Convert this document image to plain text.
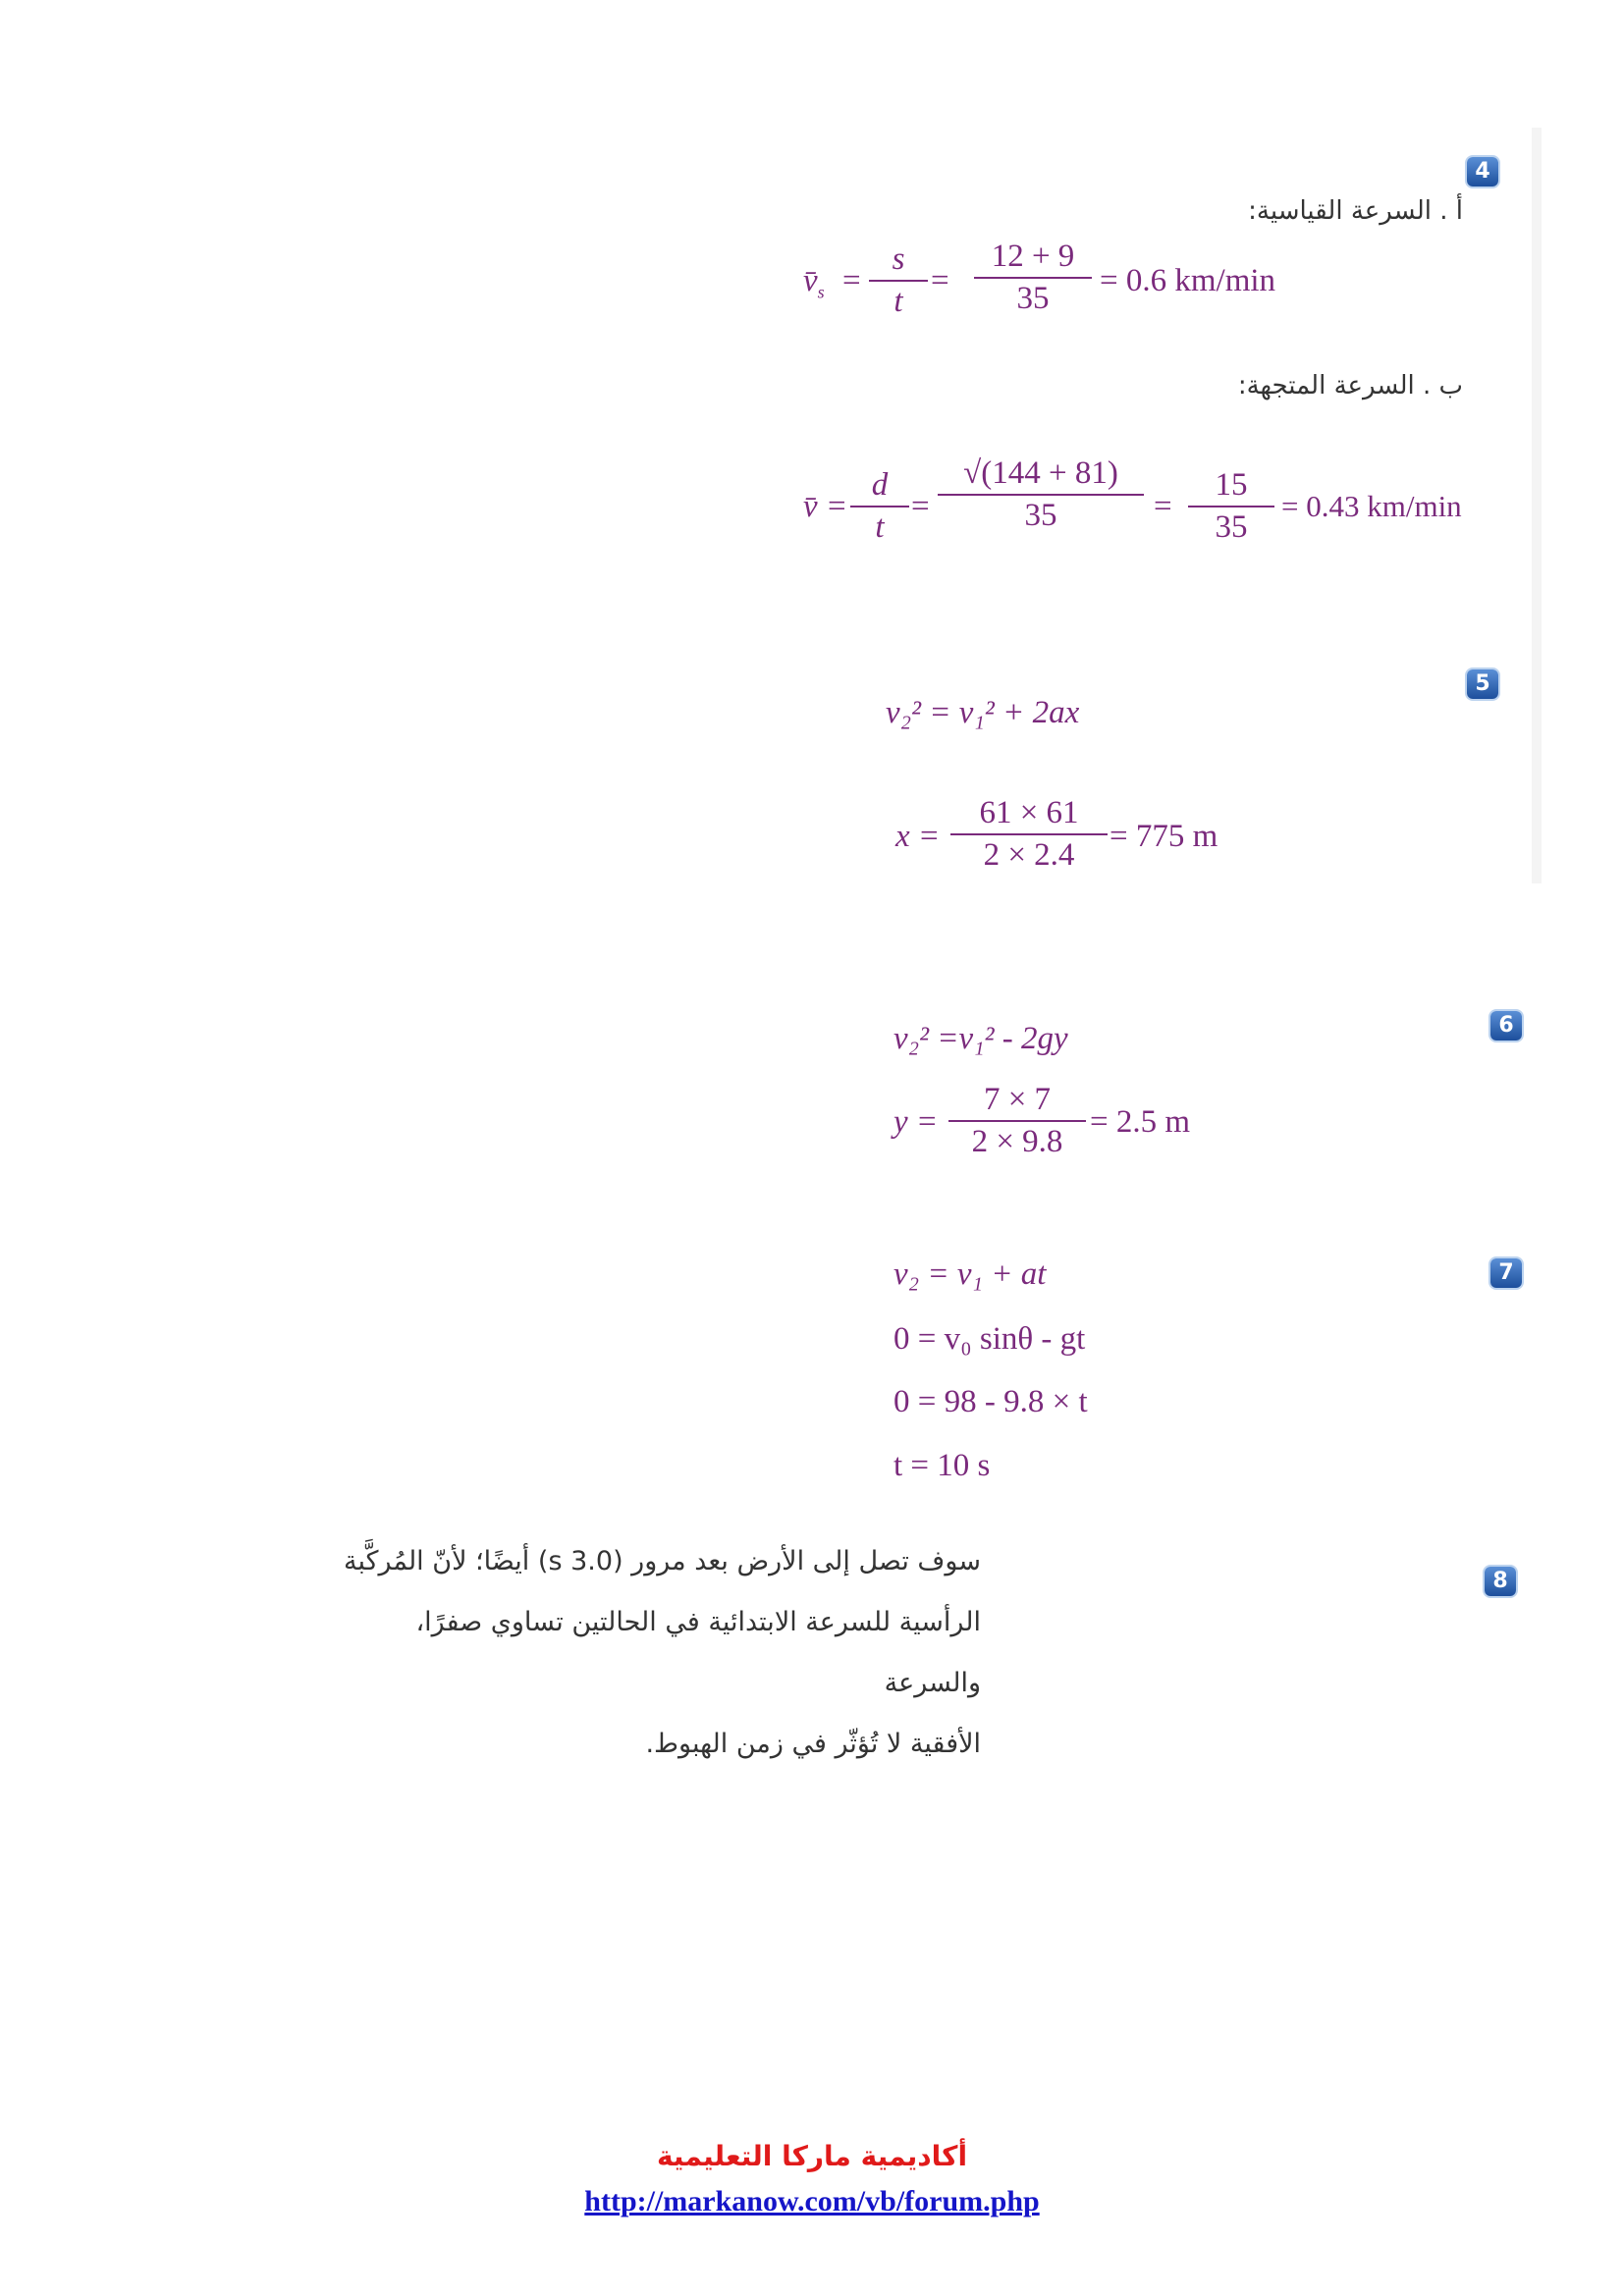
4
أ . السرعة القياسية:
$v̄_s = \frac{s}{t} = \frac{12 + 9}{35} = 0.6$ km/min
ب . السرعة المتجهة:
v̄ = $\frac{d}{t} = \frac{√(144 + 81)}{35} = \frac{15}{35} = 0.43$ km/min
5
v₂² = v₁² + 2ax
$x = \frac{61 \times 61}{2 \times 2.4} = 775$ m
6
v₂² =v₁² - 2gy
$y = \frac{7 \times 7}{2 \times 9.8} = 2.5$ m
7
v₂ = v₁ + at
0 = v₀ sinθ - gt
0 = 98 - 9.8 × t
t = 10 s
8
سوف تصل إلى الأرض بعد مرور (3.0 s) أيضًا؛ لأنّ المُركَّبة
الرأسية للسرعة الابتدائية في الحالتين تساوي صفرًا، والسرعة
الأفقية لا تُؤثّر في زمن الهبوط.
أكاديمية ماركا التعليمية
http://markanow.com/vb/forum.php
